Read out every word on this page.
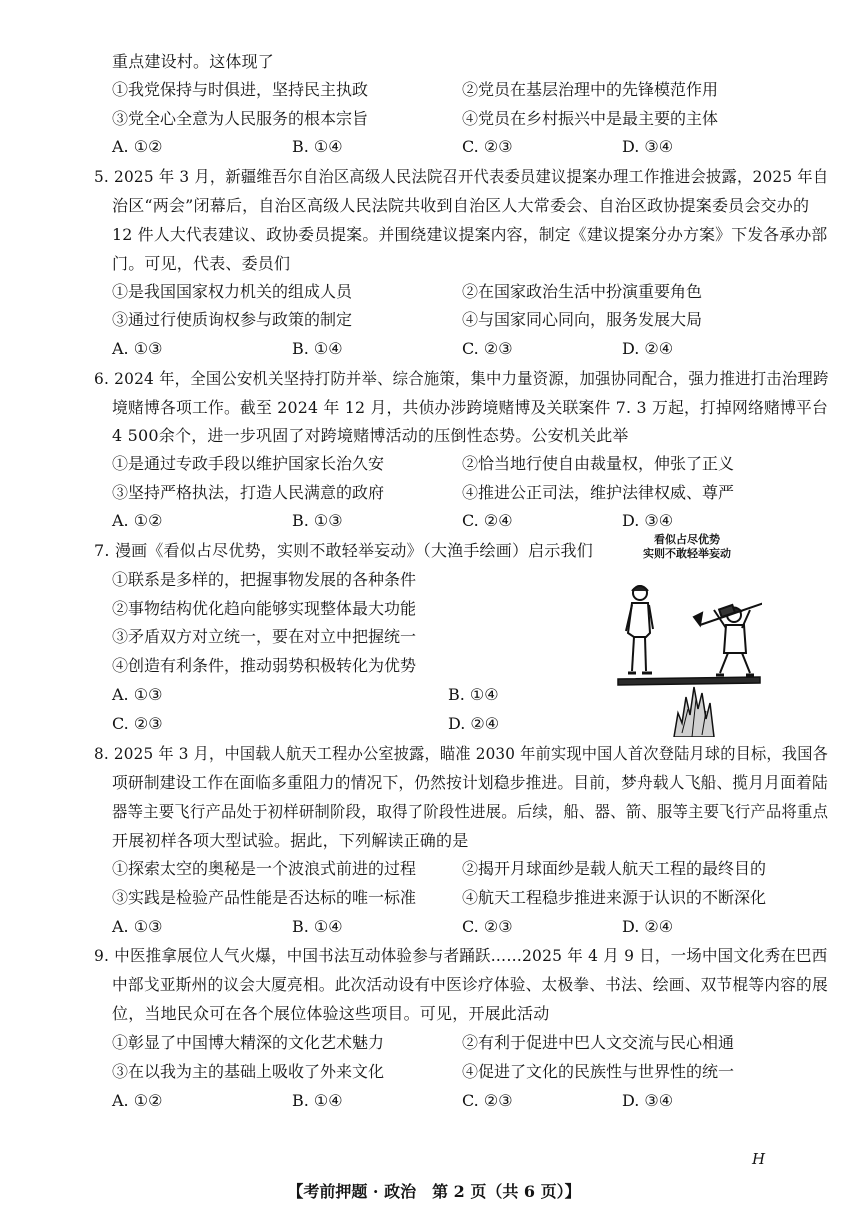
重点建设村。这体现了
①我党保持与时俱进，坚持民主执政	②党员在基层治理中的先锋模范作用
③党全心全意为人民服务的根本宗旨	④党员在乡村振兴中是最主要的主体
A. ①②	B. ①④	C. ②③	D. ③④
5. 2025 年 3 月，新疆维吾尔自治区高级人民法院召开代表委员建议提案办理工作推进会披露，2025 年自
治区“两会”闭幕后，自治区高级人民法院共收到自治区人大常委会、自治区政协提案委员会交办的
12 件人大代表建议、政协委员提案。并围绕建议提案内容，制定《建议提案分办方案》下发各承办部
门。可见，代表、委员们
①是我国国家权力机关的组成人员	②在国家政治生活中扮演重要角色
③通过行使质询权参与政策的制定	④与国家同心同向，服务发展大局
A. ①③	B. ①④	C. ②③	D. ②④
6. 2024 年，全国公安机关坚持打防并举、综合施策，集中力量资源，加强协同配合，强力推进打击治理跨
境赌博各项工作。截至 2024 年 12 月，共侦办涉跨境赌博及关联案件 7. 3 万起，打掉网络赌博平台
4 500余个，进一步巩固了对跨境赌博活动的压倒性态势。公安机关此举
①是通过专政手段以维护国家长治久安	②恰当地行使自由裁量权，伸张了正义
③坚持严格执法，打造人民满意的政府	④推进公正司法，维护法律权威、尊严
A. ①②	B. ①③	C. ②④	D. ③④
7. 漫画《看似占尽优势，实则不敢轻举妄动》（大渔手绘画）启示我们
①联系是多样的，把握事物发展的各种条件
②事物结构优化趋向能够实现整体最大功能
③矛盾双方对立统一，要在对立中把握统一
④创造有利条件，推动弱势积极转化为优势
A. ①③	B. ①④
C. ②③	D. ②④
看似占尽优势
实则不敢轻举妄动
8. 2025 年 3 月，中国载人航天工程办公室披露，瞄准 2030 年前实现中国人首次登陆月球的目标，我国各
项研制建设工作在面临多重阻力的情况下，仍然按计划稳步推进。目前，梦舟载人飞船、揽月月面着陆
器等主要飞行产品处于初样研制阶段，取得了阶段性进展。后续，船、器、箭、服等主要飞行产品将重点
开展初样各项大型试验。据此，下列解读正确的是
①探索太空的奥秘是一个波浪式前进的过程	②揭开月球面纱是载人航天工程的最终目的
③实践是检验产品性能是否达标的唯一标准	④航天工程稳步推进来源于认识的不断深化
A. ①③	B. ①④	C. ②③	D. ②④
9. 中医推拿展位人气火爆，中国书法互动体验参与者踊跃……2025 年 4 月 9 日，一场中国文化秀在巴西
中部戈亚斯州的议会大厦亮相。此次活动设有中医诊疗体验、太极拳、书法、绘画、双节棍等内容的展
位，当地民众可在各个展位体验这些项目。可见，开展此活动
①彰显了中国博大精深的文化艺术魅力	②有利于促进中巴人文交流与民心相通
③在以我为主的基础上吸收了外来文化	④促进了文化的民族性与世界性的统一
A. ①②	B. ①④	C. ②③	D. ③④
H
【考前押题 · 政治　第 2 页（共 6 页）】
